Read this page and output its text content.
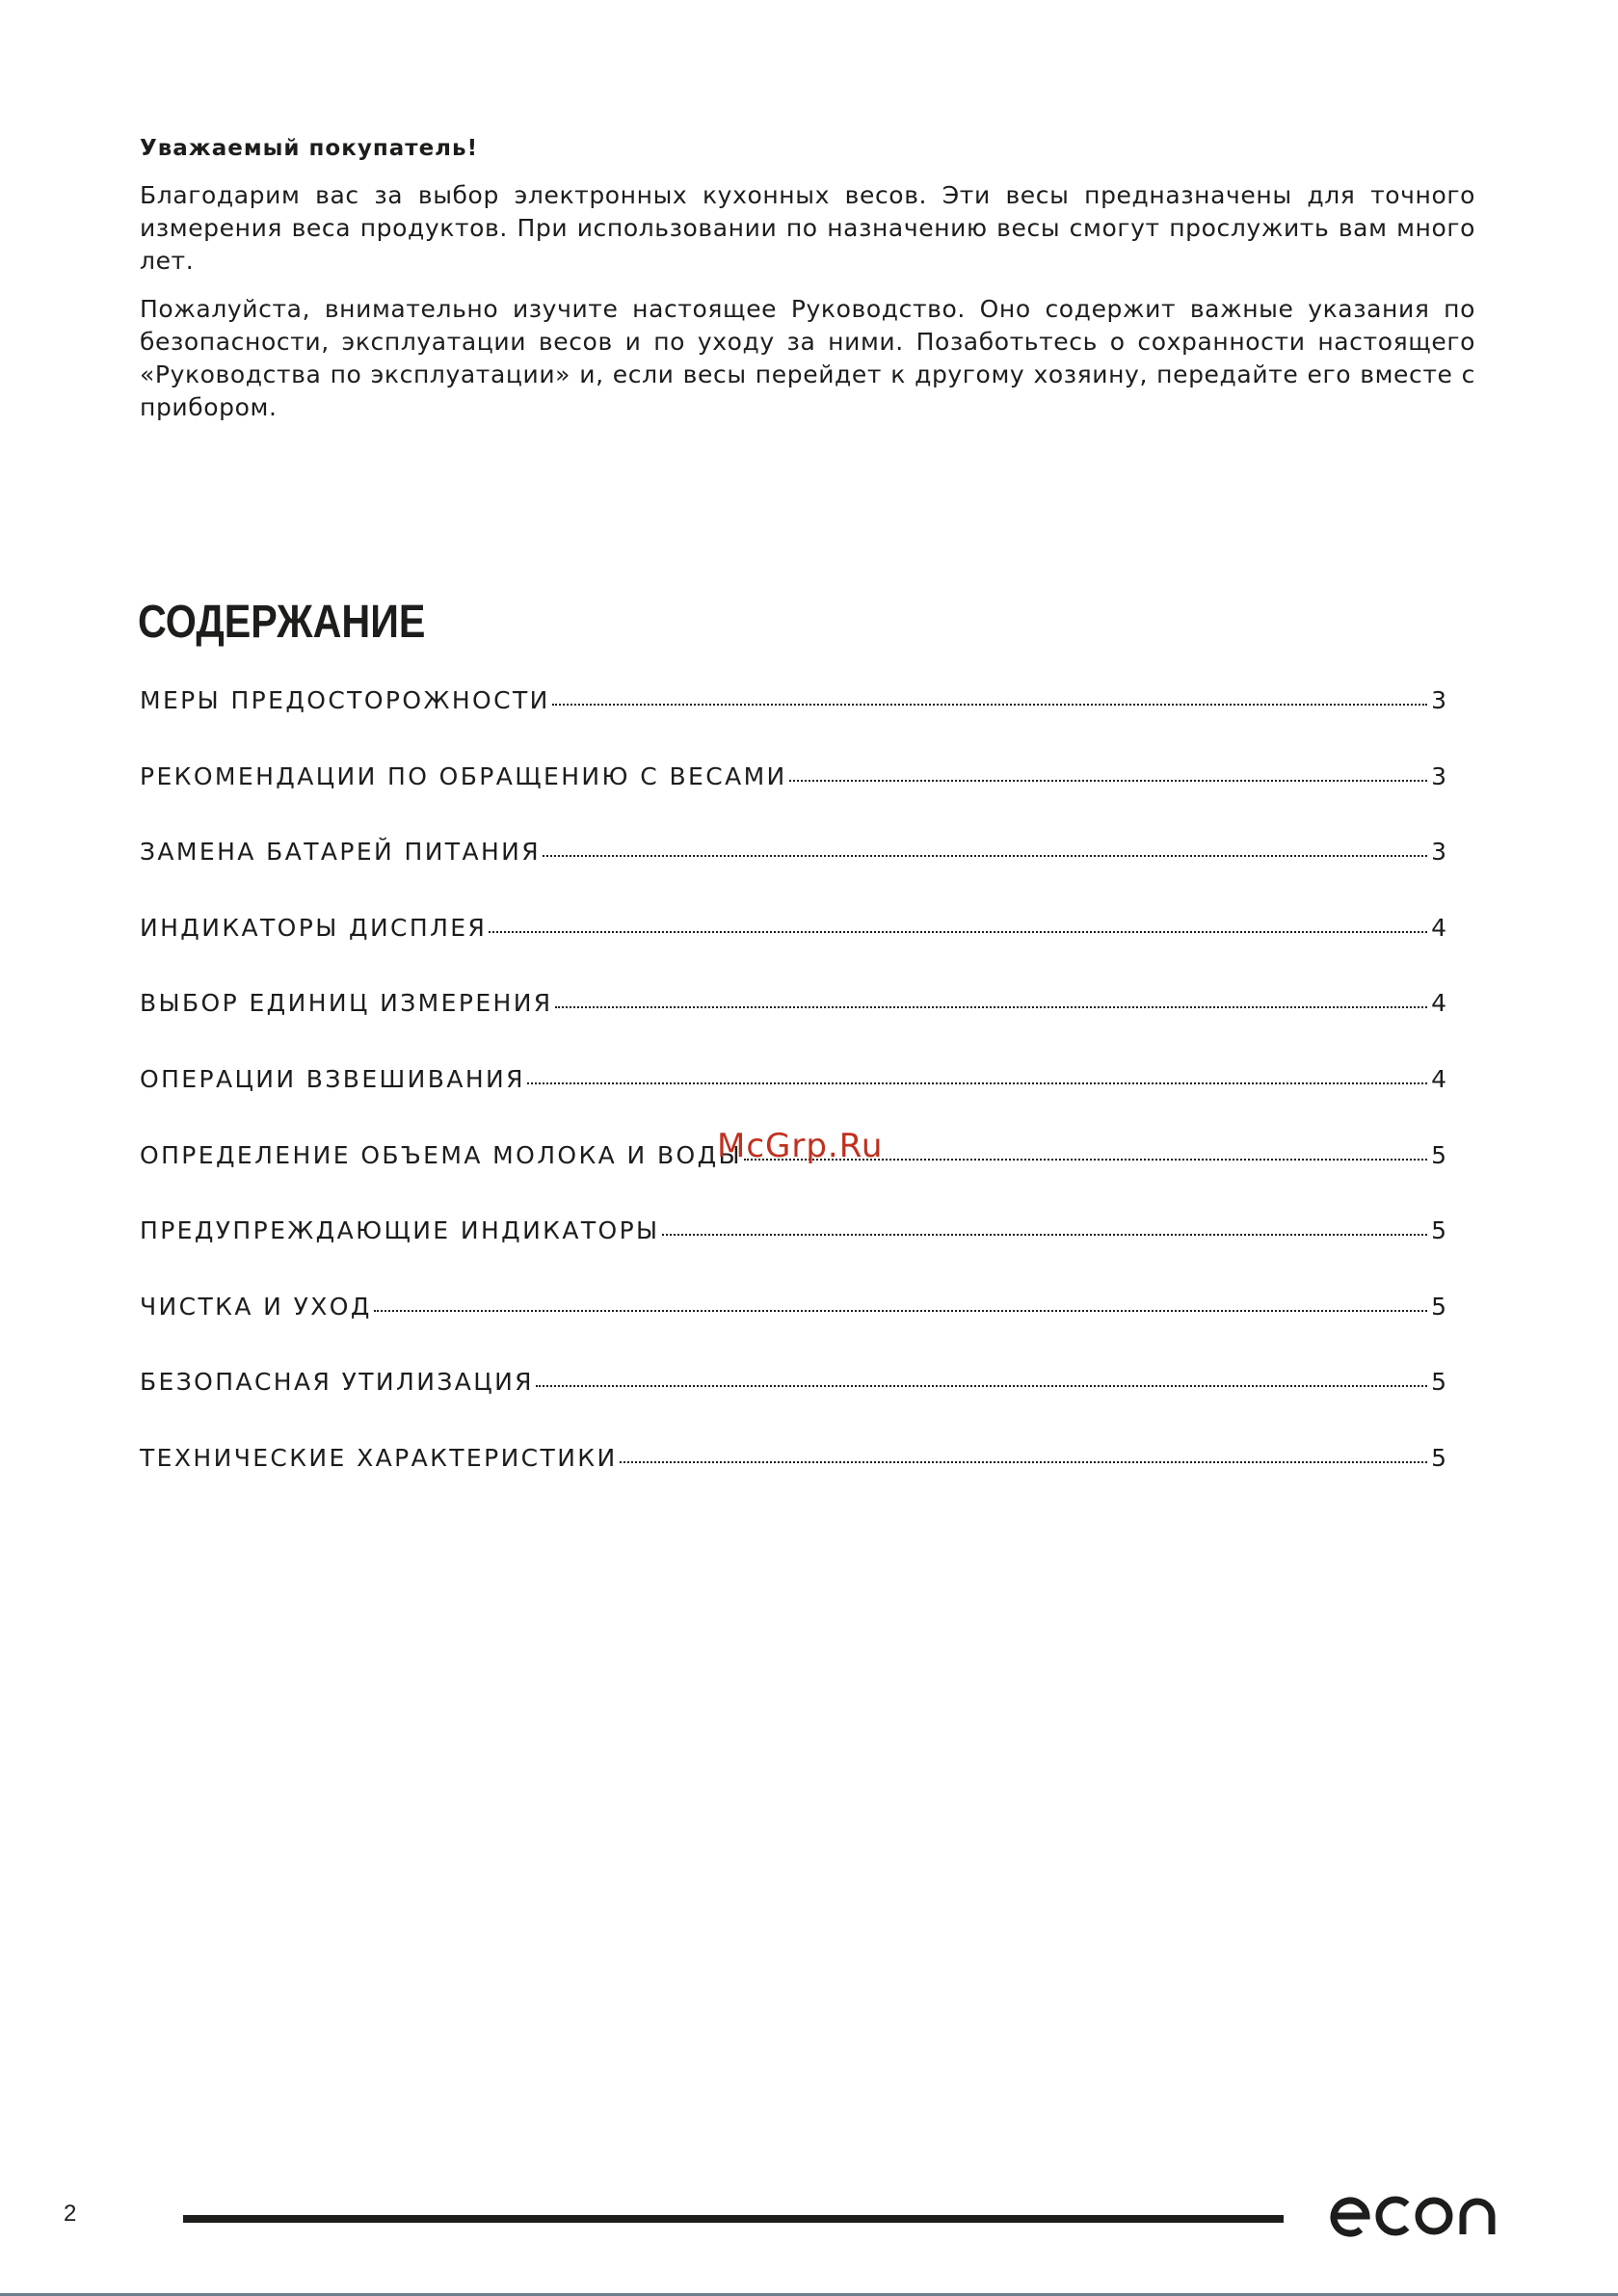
Уважаемый покупатель!

Благодарим вас за выбор электронных кухонных весов. Эти весы предназначены для точного измерения веса продуктов. При использовании по назначению весы смогут прослужить вам много лет.

Пожалуйста, внимательно изучите настоящее Руководство. Оно содержит важные указания по безопасности, эксплуатации весов и по уходу за ними. Позаботьтесь о сохранности настоящего «Руководства по эксплуатации» и, если весы перейдет к другому хозяину, передайте его вместе с прибором.

СОДЕРЖАНИЕ
МЕРЫ ПРЕДОСТОРОЖНОСТИ	3
РЕКОМЕНДАЦИИ ПО ОБРАЩЕНИЮ С ВЕСАМИ	3
ЗАМЕНА БАТАРЕЙ ПИТАНИЯ	3
ИНДИКАТОРЫ ДИСПЛЕЯ	4
ВЫБОР ЕДИНИЦ ИЗМЕРЕНИЯ	4
ОПЕРАЦИИ ВЗВЕШИВАНИЯ	4
ОПРЕДЕЛЕНИЕ ОБЪЕМА МОЛОКА И ВОДЫ	5
ПРЕДУПРЕЖДАЮЩИЕ ИНДИКАТОРЫ	5
ЧИСТКА И УХОД	5
БЕЗОПАСНАЯ УТИЛИЗАЦИЯ	5
ТЕХНИЧЕСКИЕ ХАРАКТЕРИСТИКИ	5

McGrp.Ru

2
